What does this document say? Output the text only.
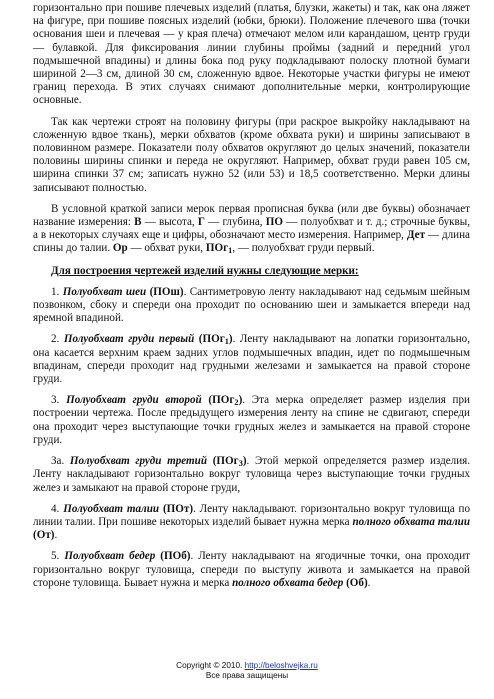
горизонтально при пошиве плечевых изделий (платья, блузки, жакеты) и так, как она ляжет на фигуре, при пошиве поясных изделий (юбки, брюки). Положение плечевого шва (точки основания шеи и плечевая — у края плеча) отмечают мелом или карандашом, центр груди — булавкой. Для фиксирования линии глубины проймы (задний и передний угол подмышечной впадины) и длины бока под руку подкладывают полоску плотной бумаги шириной 2—3 см, длиной 30 см, сложенную вдвое. Некоторые участки фигуры не имеют границ перехода. В этих случаях снимают дополнительные мерки, контролирующие основные.

Так как чертежи строят на половину фигуры (при раскрое выкройку накладывают на сложенную вдвое ткань), мерки обхватов (кроме обхвата руки) и ширины записывают в половинном размере. Показатели полу обхватов округляют до целых значений, показатели половины ширины спинки и переда не округляют. Например, обхват груди равен 105 см, ширина спинки 37 см; записать нужно 52 (или 53) и 18,5 соответственно. Мерки длины записывают полностью.

В условной краткой записи мерок первая прописная буква (или две буквы) обозначает название измерения: В — высота, Г — глубина, ПО — полуобхват и т. д.; строчные буквы, а в некоторых случаях еще и цифры, обозначают место измерения. Например, Дет — длина спины до талии. Ор — обхват руки, ПОг$_1$, — полуобхват груди первый.

Для построения чертежей изделий нужны следующие мерки:

1. Полуобхват шеи (ПОш). Сантиметровую ленту накладывают над седьмым шейным позвонком, сбоку и спереди она проходит по основанию шеи и замыкается впереди над яремной впадиной.

2. Полуобхват груди первый (ПОг$_1$). Ленту накладывают на лопатки горизонтально, она касается верхним краем задних углов подмышечных впадин, идет по подмышечным впадинам, спереди проходит над грудными железами и замыкается на правой стороне груди.

3. Полуобхват груди второй (ПОг$_2$). Эта мерка определяет размер изделия при построении чертежа. После предыдущего измерения ленту на спине не сдвигают, спереди она проходит через выступающие точки грудных желез и замыкается на правой стороне груди.

За. Полуобхват груди третий (ПОг$_3$). Этой меркой определяется размер изделия. Ленту накладывают горизонтально вокруг туловища через выступающие точки грудных желез и замыкают на правой стороне груди,

4. Полуобхват талии (ПОт). Ленту накладывают. горизонтально вокруг туловища по линии талии. При пошиве некоторых изделий бывает нужна мерка полного обхвата талии (От).

5. Полуобхват бедер (ПОб). Ленту накладывают на ягодичные точки, она проходит горизонтально вокруг туловища, спереди по выступу живота и замыкается на правой стороне туловища. Бывает нужна и мерка полного обхвата бедер (Об).

Copyright © 2010. http://beloshvejka.ru
Все права защищены
